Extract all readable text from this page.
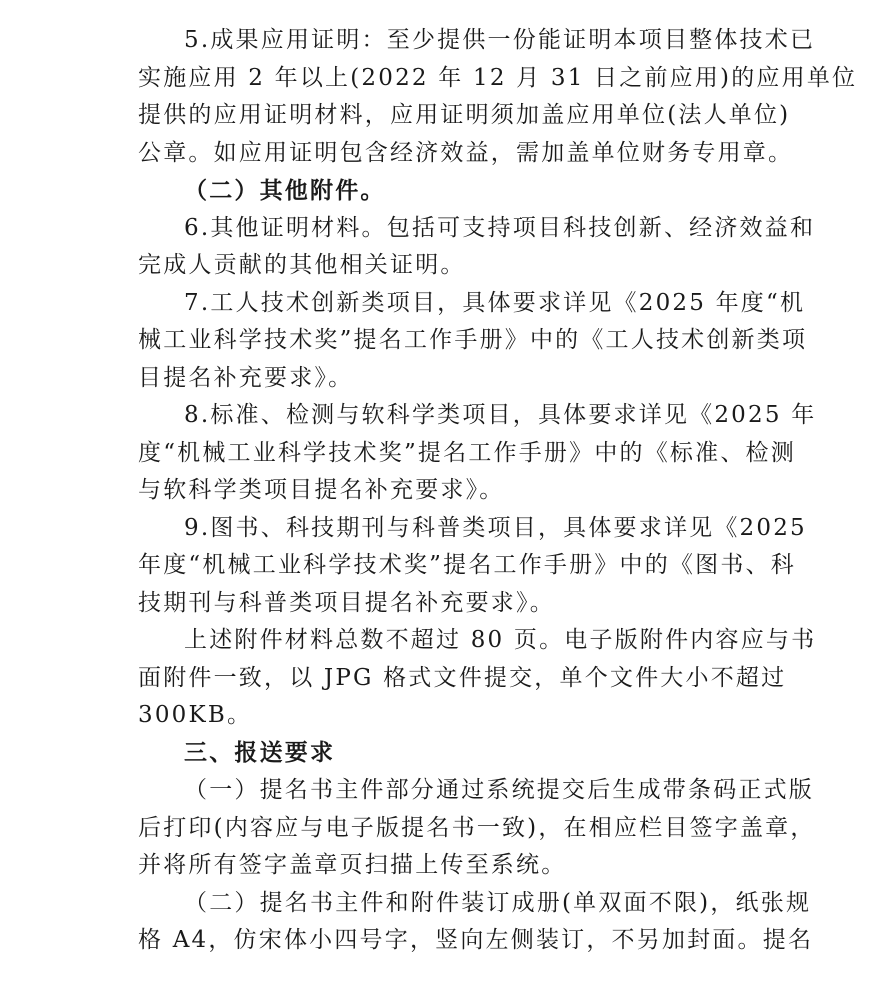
5.成果应用证明：至少提供一份能证明本项目整体技术已
实施应用 2 年以上(2022 年 12 月 31 日之前应用)的应用单位
提供的应用证明材料，应用证明须加盖应用单位(法人单位)
公章。如应用证明包含经济效益，需加盖单位财务专用章。

（二）其他附件。

6.其他证明材料。包括可支持项目科技创新、经济效益和
完成人贡献的其他相关证明。

7.工人技术创新类项目，具体要求详见《2025 年度“机
械工业科学技术奖”提名工作手册》中的《工人技术创新类项
目提名补充要求》。

8.标准、检测与软科学类项目，具体要求详见《2025 年
度“机械工业科学技术奖”提名工作手册》中的《标准、检测
与软科学类项目提名补充要求》。

9.图书、科技期刊与科普类项目，具体要求详见《2025
年度“机械工业科学技术奖”提名工作手册》中的《图书、科
技期刊与科普类项目提名补充要求》。

上述附件材料总数不超过 80 页。电子版附件内容应与书
面附件一致，以 JPG 格式文件提交，单个文件大小不超过
300KB。

三、报送要求

（一）提名书主件部分通过系统提交后生成带条码正式版
后打印(内容应与电子版提名书一致)，在相应栏目签字盖章，
并将所有签字盖章页扫描上传至系统。

（二）提名书主件和附件装订成册(单双面不限)，纸张规
格 A4，仿宋体小四号字，竖向左侧装订，不另加封面。提名
